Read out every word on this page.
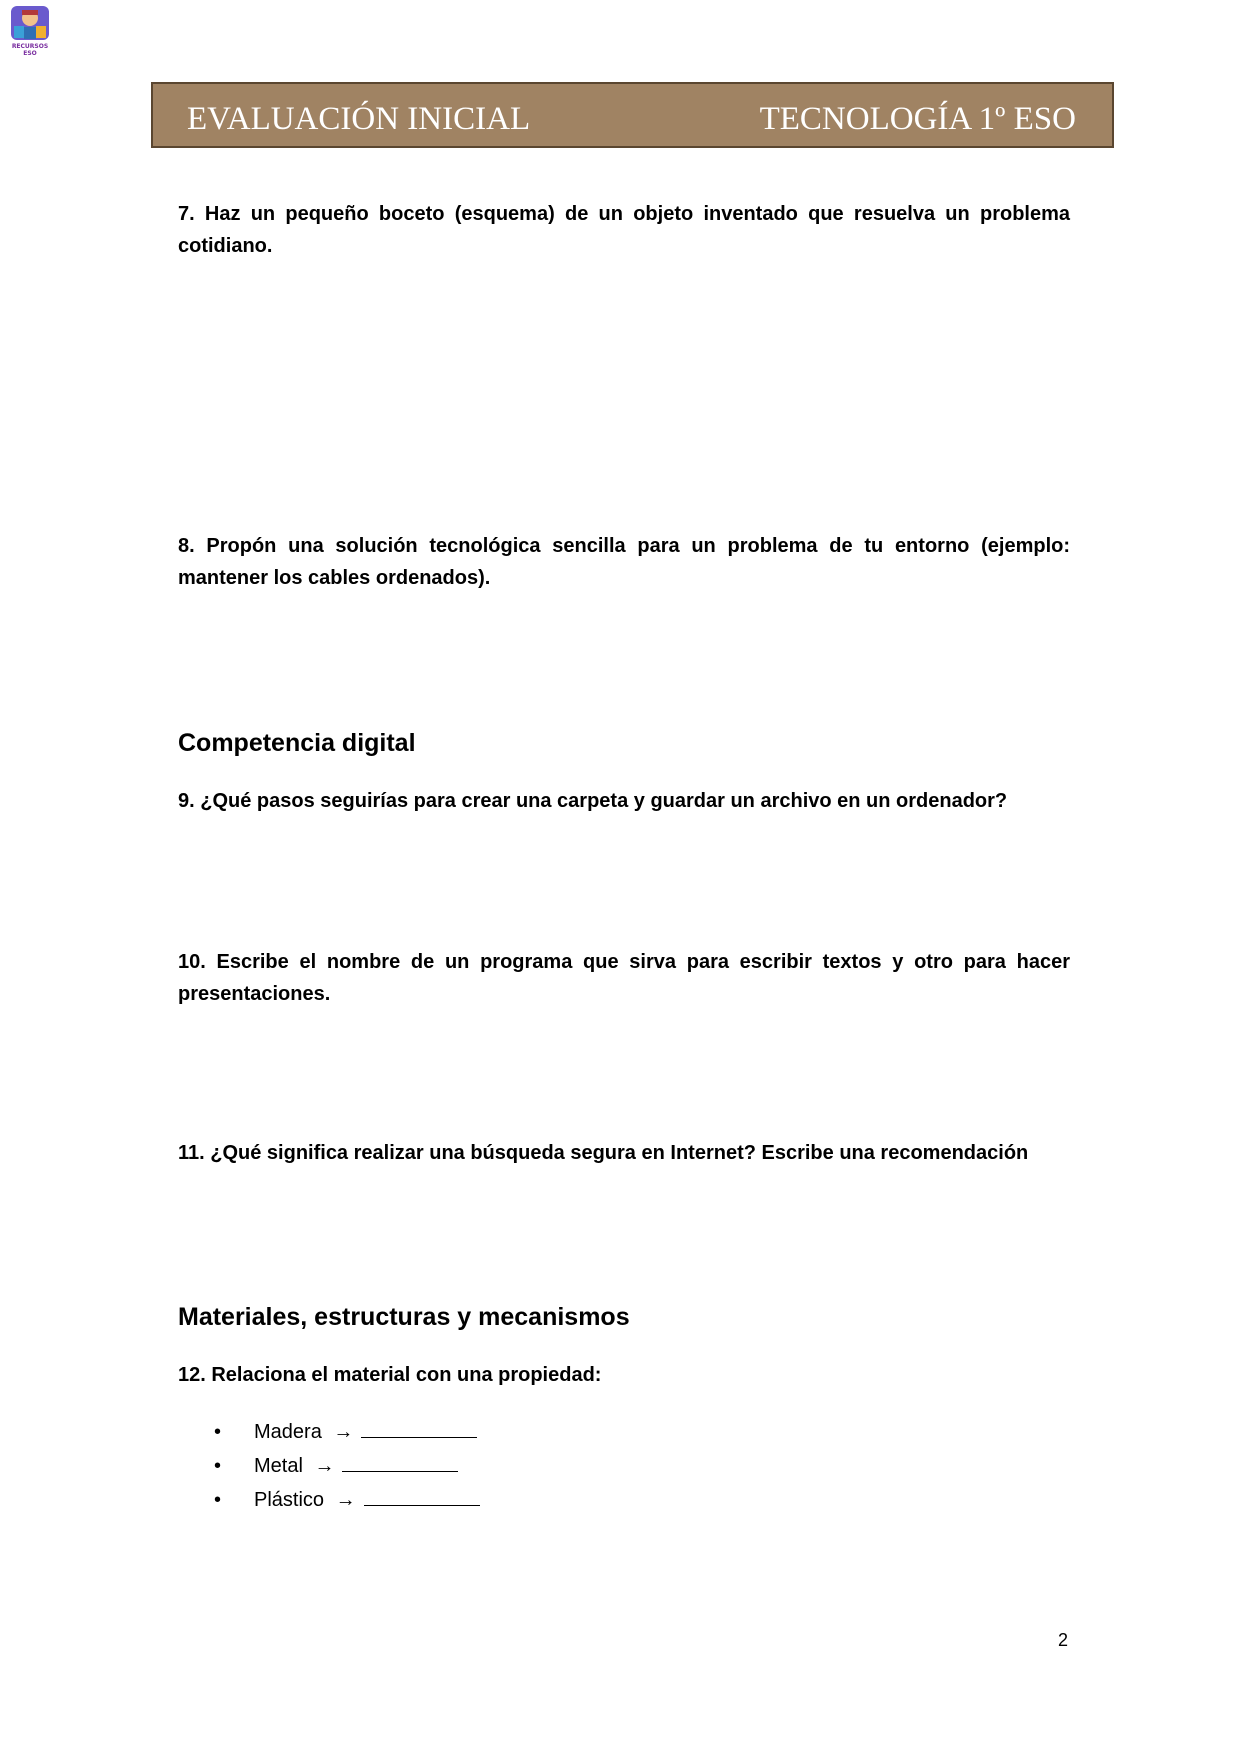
RECURSOS
ESO
EVALUACIÓN INICIAL	TECNOLOGÍA 1º ESO

7. Haz un pequeño boceto (esquema) de un objeto inventado que resuelva un problema cotidiano.

8. Propón una solución tecnológica sencilla para un problema de tu entorno (ejemplo: mantener los cables ordenados).

Competencia digital

9. ¿Qué pasos seguirías para crear una carpeta y guardar un archivo en un ordenador?

10. Escribe el nombre de un programa que sirva para escribir textos y otro para hacer presentaciones.

11. ¿Qué significa realizar una búsqueda segura en Internet? Escribe una recomendación

Materiales, estructuras y mecanismos

12. Relaciona el material con una propiedad:

• Madera →
• Metal →
• Plástico →
2
